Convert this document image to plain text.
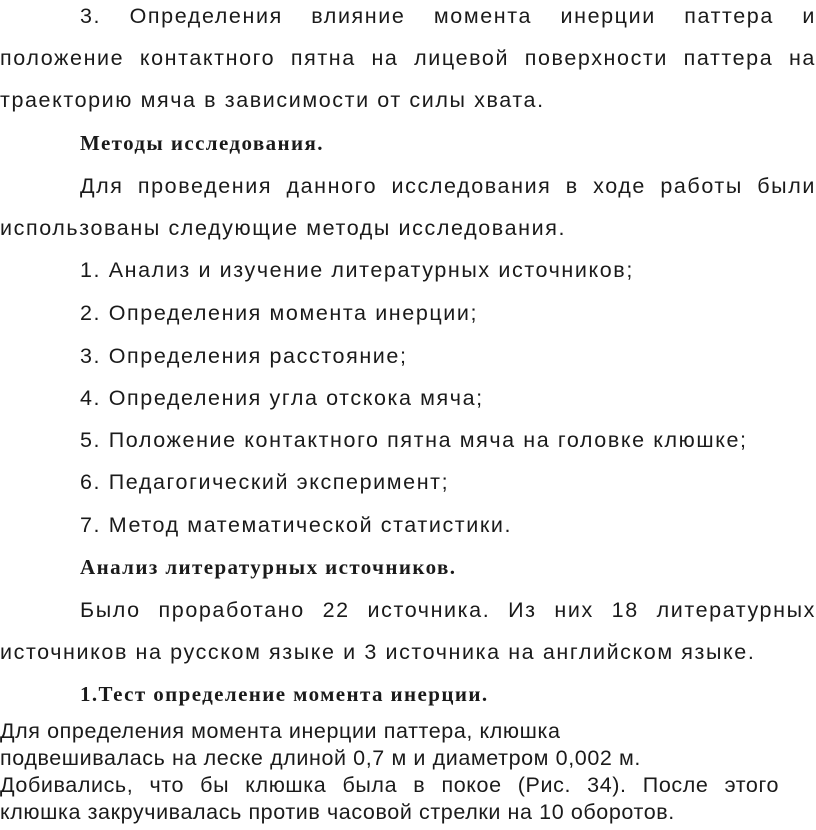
3. Определения влияние момента инерции паттера и
положение контактного пятна на лицевой поверхности паттера на
траекторию мяча в зависимости от силы хвата.
Методы исследования.
Для проведения данного исследования в ходе работы были
использованы следующие методы исследования.
1. Анализ и изучение литературных источников;
2. Определения момента инерции;
3. Определения расстояние;
4. Определения угла отскока мяча;
5. Положение контактного пятна мяча на головке клюшке;
6. Педагогический эксперимент;
7. Метод математической статистики.
Анализ литературных источников.
Было проработано 22 источника. Из них 18 литературных
источников на русском языке и 3 источника на английском языке.
1.Тест определение момента инерции.
Для определения момента инерции паттера, клюшка
подвешивалась на леске длиной 0,7 м и диаметром 0,002 м.
Добивались, что бы клюшка была в покое (Рис. 34). После этого
клюшка закручивалась против часовой стрелки на 10 оборотов.
